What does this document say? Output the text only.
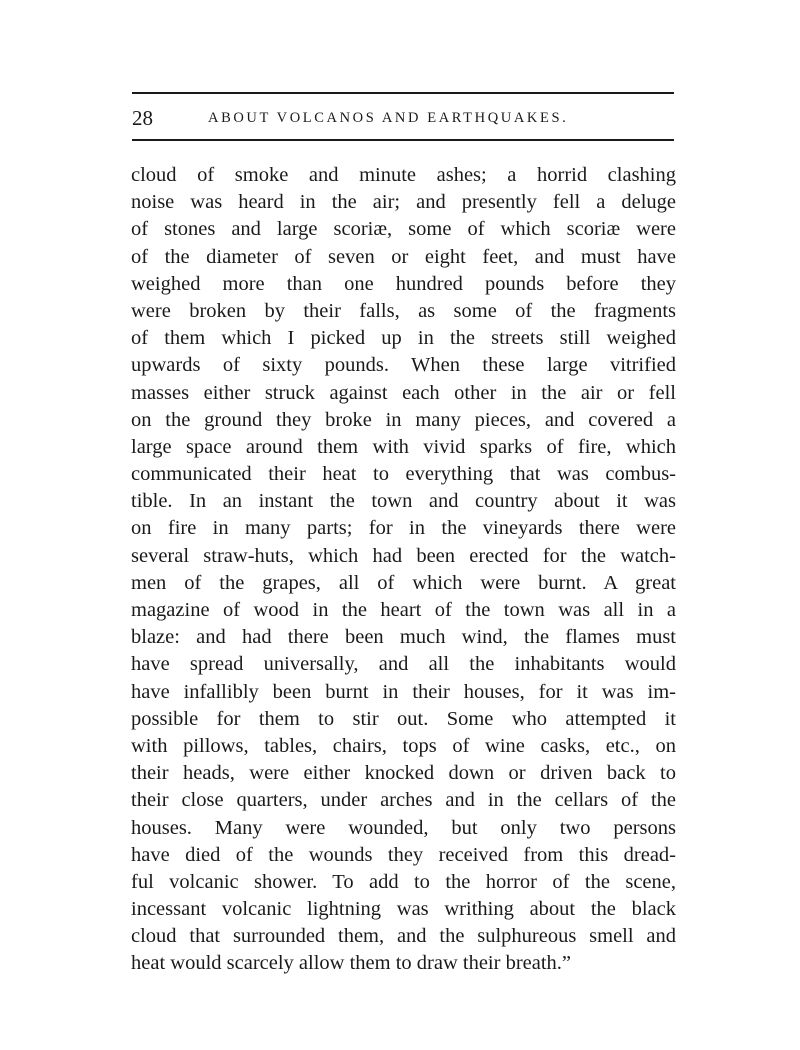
28	ABOUT VOLCANOS AND EARTHQUAKES.
cloud of smoke and minute ashes; a horrid clashing
noise was heard in the air; and presently fell a deluge
of stones and large scoriæ, some of which scoriæ were
of the diameter of seven or eight feet, and must have
weighed more than one hundred pounds before they
were broken by their falls, as some of the fragments
of them which I picked up in the streets still weighed
upwards of sixty pounds. When these large vitrified
masses either struck against each other in the air or fell
on the ground they broke in many pieces, and covered a
large space around them with vivid sparks of fire, which
communicated their heat to everything that was combus-
tible. In an instant the town and country about it was
on fire in many parts; for in the vineyards there were
several straw-huts, which had been erected for the watch-
men of the grapes, all of which were burnt. A great
magazine of wood in the heart of the town was all in a
blaze: and had there been much wind, the flames must
have spread universally, and all the inhabitants would
have infallibly been burnt in their houses, for it was im-
possible for them to stir out. Some who attempted it
with pillows, tables, chairs, tops of wine casks, etc., on
their heads, were either knocked down or driven back to
their close quarters, under arches and in the cellars of the
houses. Many were wounded, but only two persons
have died of the wounds they received from this dread-
ful volcanic shower. To add to the horror of the scene,
incessant volcanic lightning was writhing about the black
cloud that surrounded them, and the sulphureous smell and
heat would scarcely allow them to draw their breath.”
